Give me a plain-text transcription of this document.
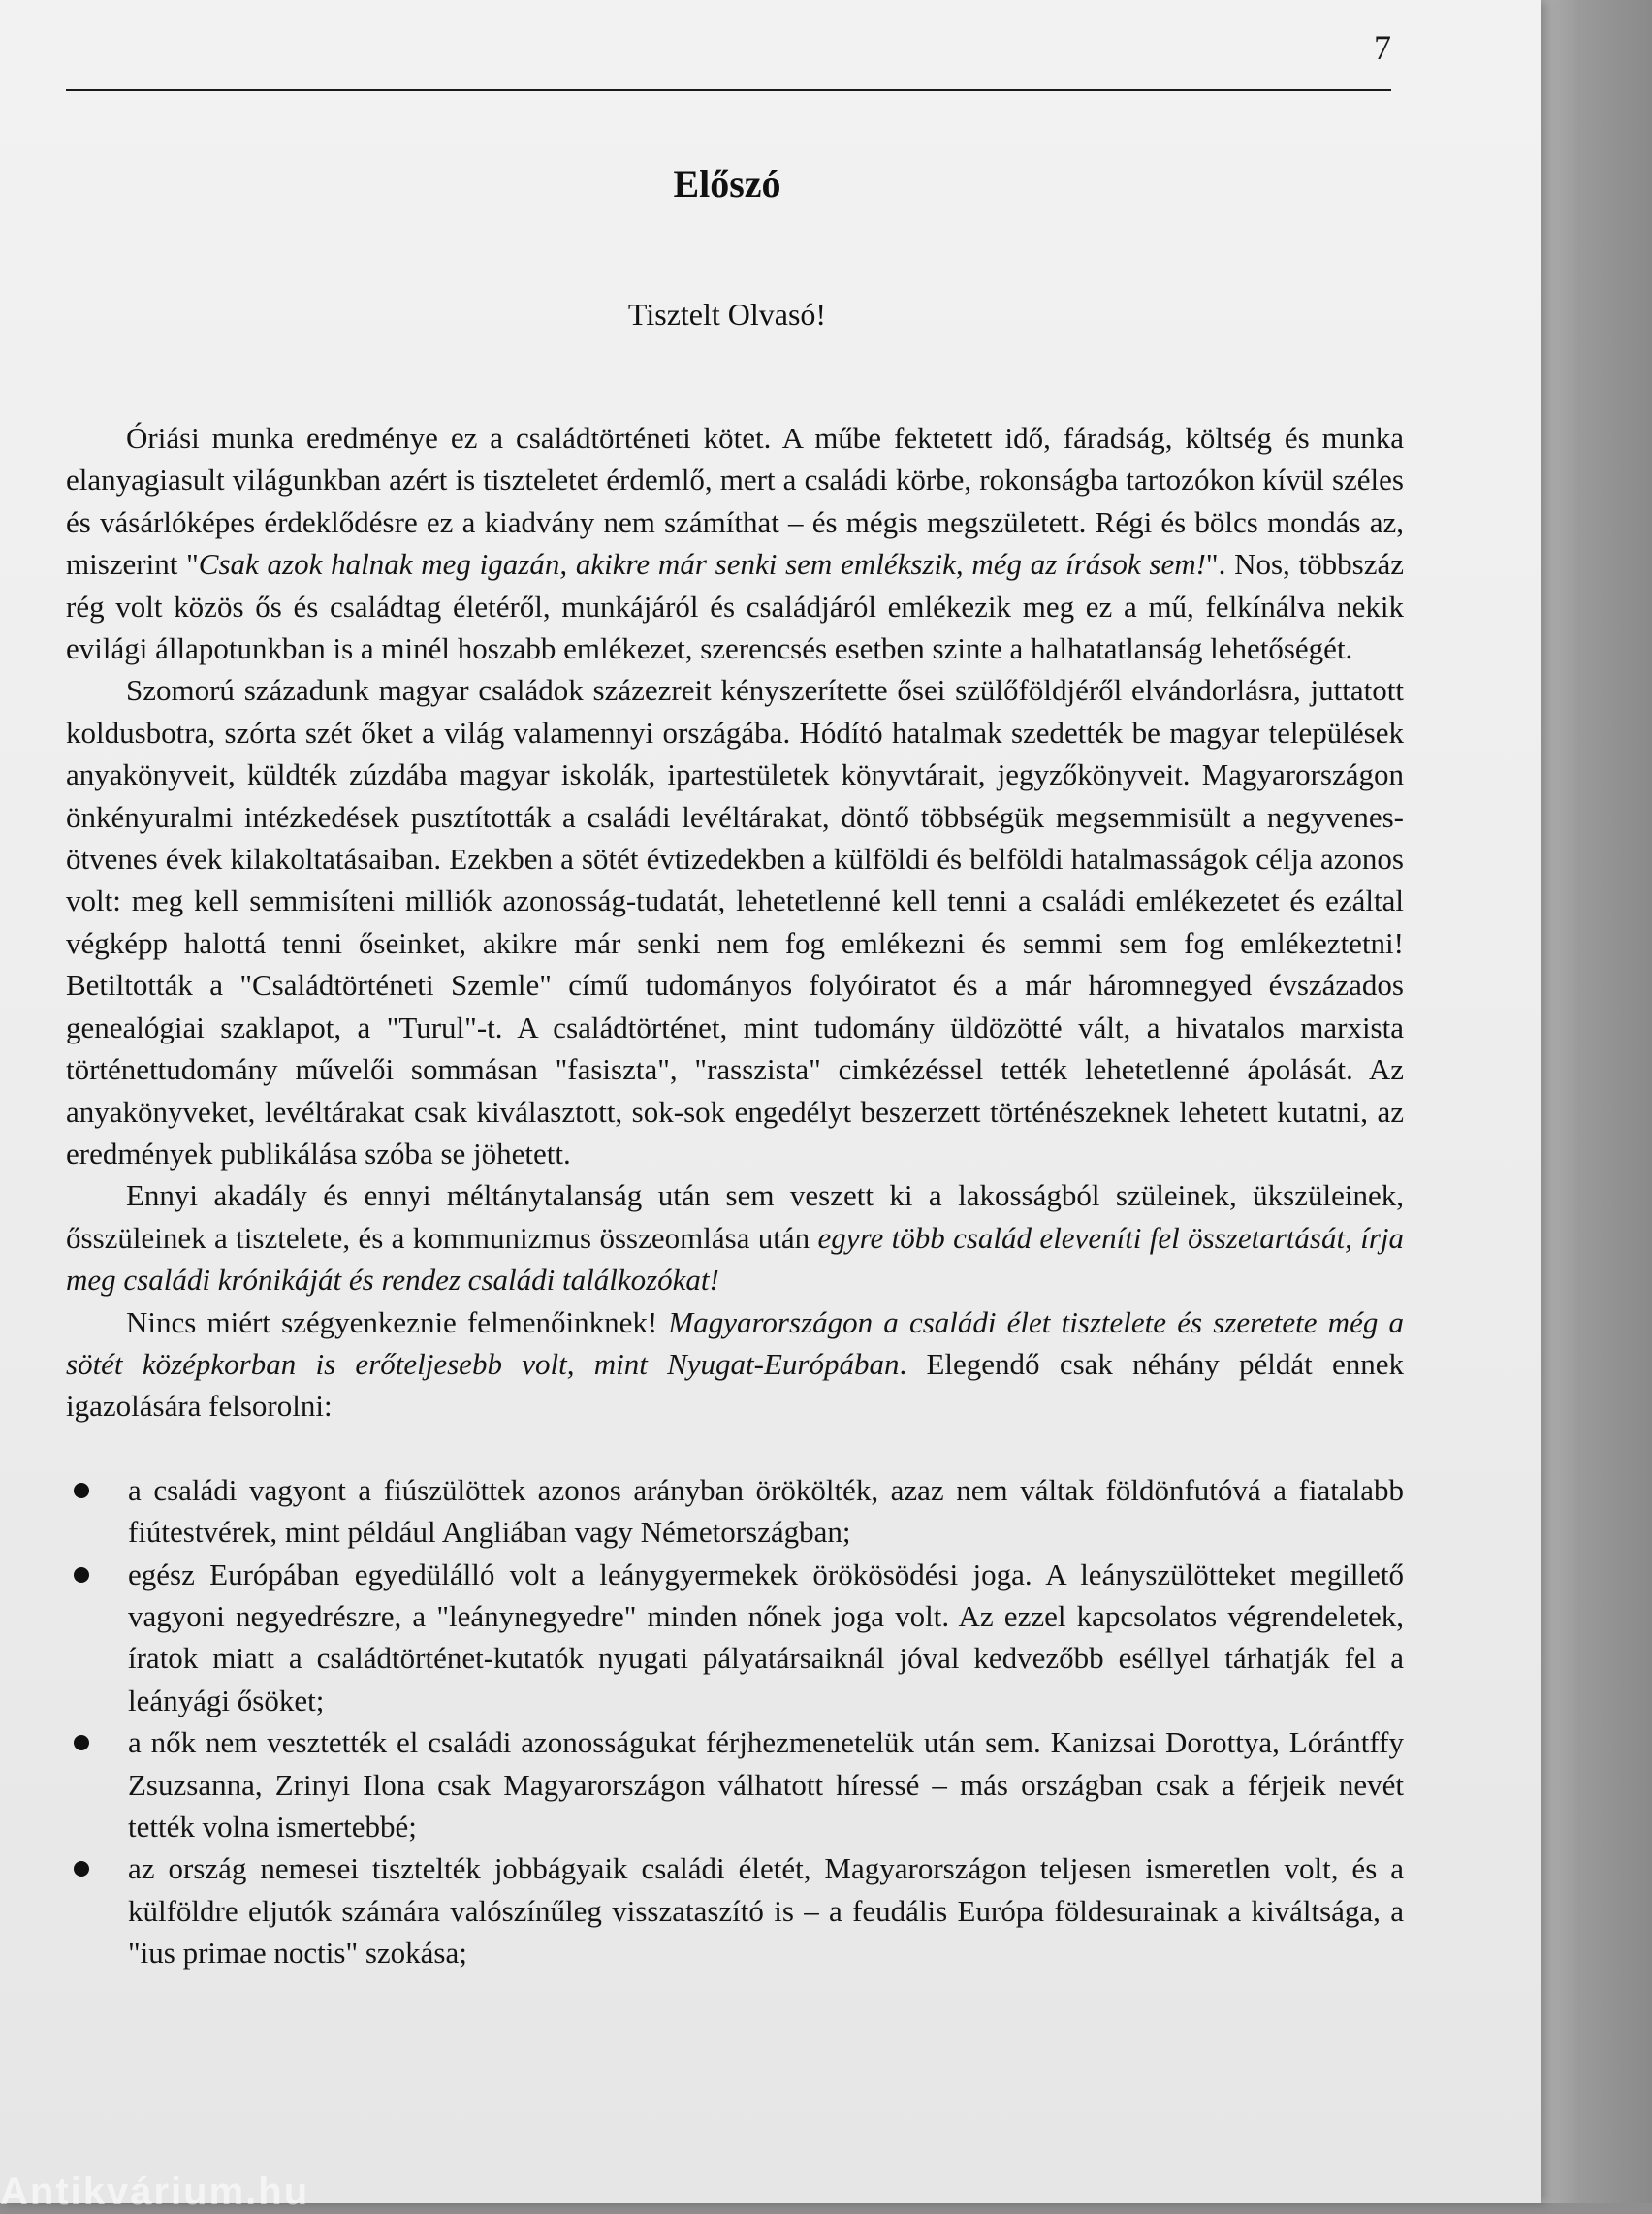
7
Előszó
Tisztelt Olvasó!

Óriási munka eredménye ez a családtörténeti kötet. A műbe fektetett idő, fáradság, költség és munka elanyagiasult világunkban azért is tiszteletet érdemlő, mert a családi körbe, rokonságba tartozókon kívül széles és vásárlóképes érdeklődésre ez a kiadvány nem számíthat – és mégis megszületett. Régi és bölcs mondás az, miszerint "Csak azok halnak meg igazán, akikre már senki sem emlékszik, még az írások sem!". Nos, többszáz rég volt közös ős és családtag életéről, munkájáról és családjáról emlékezik meg ez a mű, felkínálva nekik evilági állapotunkban is a minél hoszabb emlékezet, szerencsés esetben szinte a halhatatlanság lehetőségét.

Szomorú századunk magyar családok százezreit kényszerítette ősei szülőföldjéről elvándorlásra, juttatott koldusbotra, szórta szét őket a világ valamennyi országába. Hódító hatalmak szedették be magyar települések anyakönyveit, küldték zúzdába magyar iskolák, ipartestületek könyvtárait, jegyzőkönyveit. Magyarországon önkényuralmi intézkedések pusztították a családi levéltárakat, döntő többségük megsemmisült a negyvenes-ötvenes évek kilakoltatásaiban. Ezekben a sötét évtizedekben a külföldi és belföldi hatalmasságok célja azonos volt: meg kell semmisíteni milliók azonosság-tudatát, lehetetlenné kell tenni a családi emlékezetet és ezáltal végképp halottá tenni őseinket, akikre már senki nem fog emlékezni és semmi sem fog emlékeztetni! Betiltották a "Családtörténeti Szemle" című tudományos folyóiratot és a már háromnegyed évszázados genealógiai szaklapot, a "Turul"-t. A családtörténet, mint tudomány üldözötté vált, a hivatalos marxista történettudomány művelői sommásan "fasiszta", "rasszista" cimkézéssel tették lehetetlenné ápolását. Az anyakönyveket, levéltárakat csak kiválasztott, sok-sok engedélyt beszerzett történészeknek lehetett kutatni, az eredmények publikálása szóba se jöhetett.

Ennyi akadály és ennyi méltánytalanság után sem veszett ki a lakosságból szüleinek, ükszüleinek, ősszüleinek a tisztelete, és a kommunizmus összeomlása után egyre több család eleveníti fel összetartását, írja meg családi krónikáját és rendez családi találkozókat!

Nincs miért szégyenkeznie felmenőinknek! Magyarországon a családi élet tisztelete és szeretete még a sötét középkorban is erőteljesebb volt, mint Nyugat-Európában. Elegendő csak néhány példát ennek igazolására felsorolni:

a családi vagyont a fiúszülöttek azonos arányban örökölték, azaz nem váltak földönfutóvá a fiatalabb fiútestvérek, mint például Angliában vagy Németországban;
egész Európában egyedülálló volt a leánygyermekek örökösödési joga. A leányszülötteket megillető vagyoni negyedrészre, a "leánynegyedre" minden nőnek joga volt. Az ezzel kapcsolatos végrendeletek, íratok miatt a családtörténet-kutatók nyugati pályatársaiknál jóval kedvezőbb eséllyel tárhatják fel a leányági ősöket;
a nők nem vesztették el családi azonosságukat férjhezmenetelük után sem. Kanizsai Dorottya, Lórántffy Zsuzsanna, Zrinyi Ilona csak Magyarországon válhatott híressé – más országban csak a férjeik nevét tették volna ismertebbé;
az ország nemesei tisztelték jobbágyaik családi életét, Magyarországon teljesen ismeretlen volt, és a külföldre eljutók számára valószínűleg visszataszító is – a feudális Európa földesurainak a kiváltsága, a "ius primae noctis" szokása;
Antikvárium.hu
